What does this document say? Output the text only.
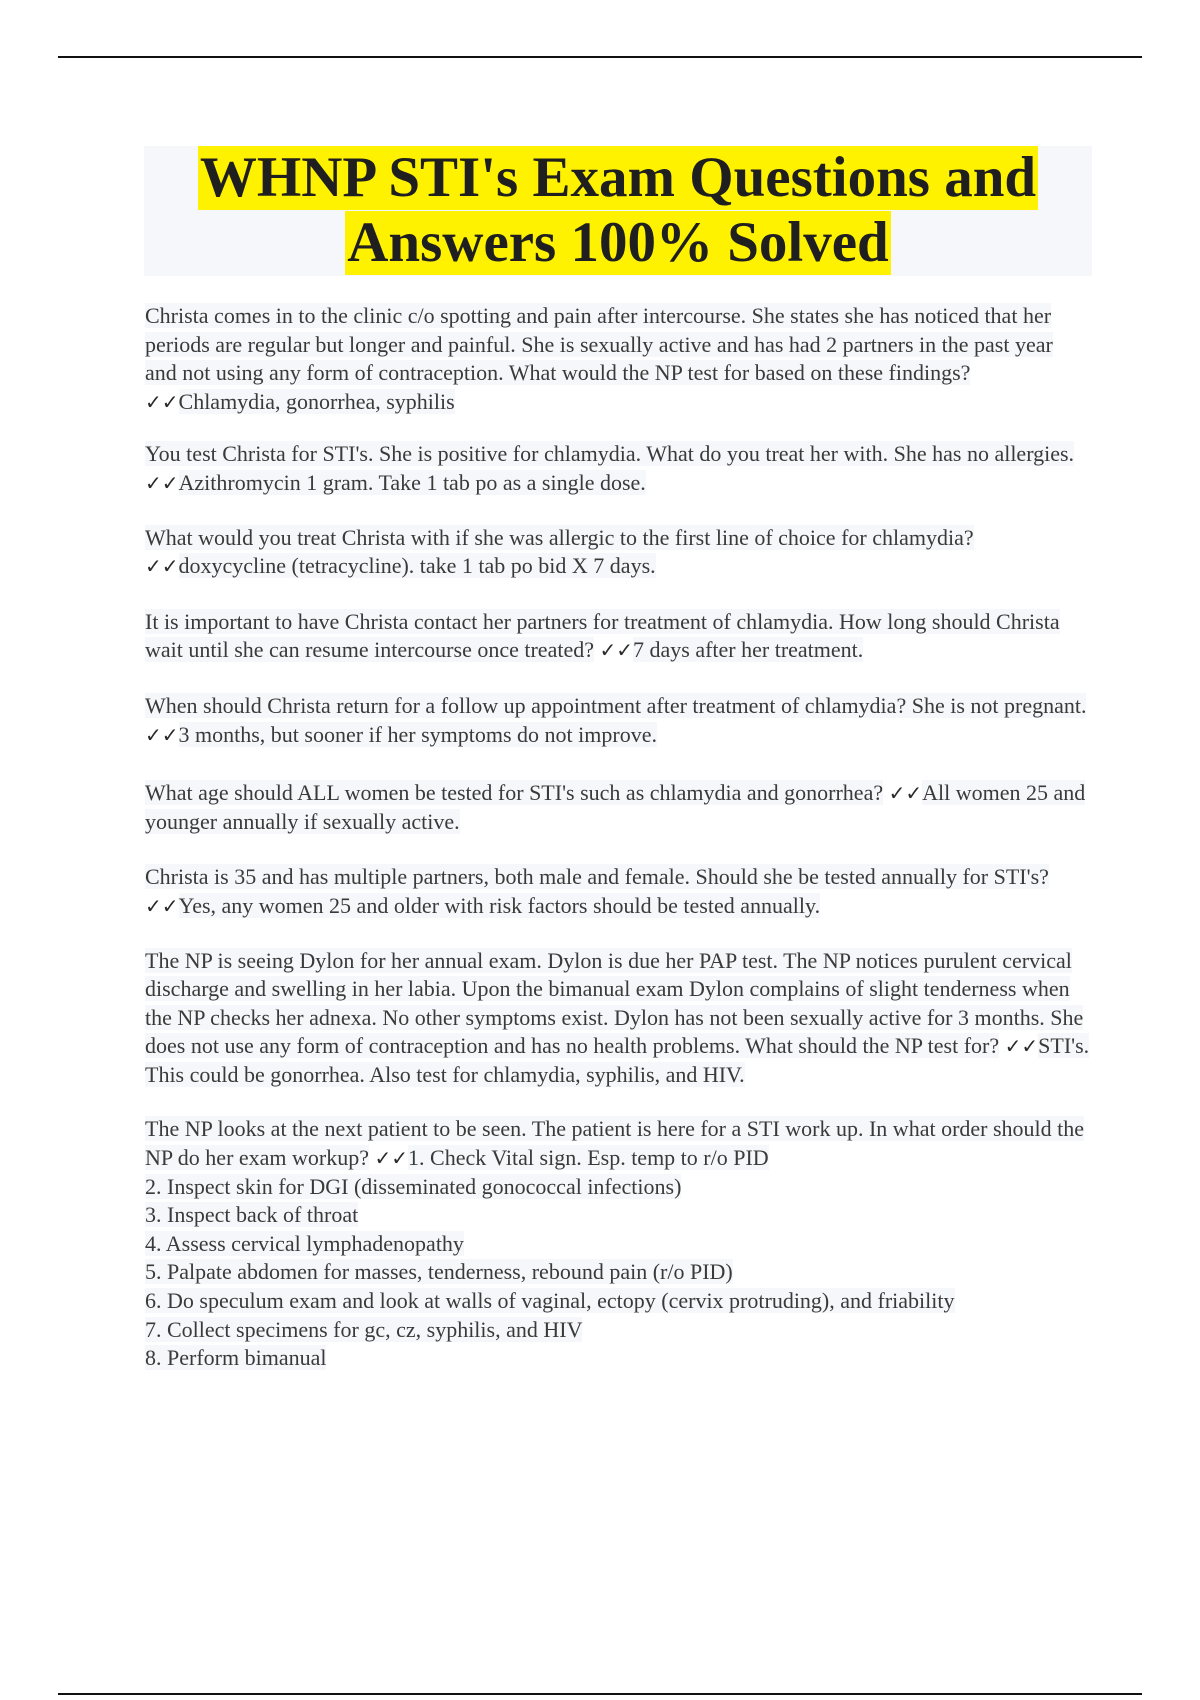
WHNP STI's Exam Questions and
Answers 100% Solved

Christa comes in to the clinic c/o spotting and pain after intercourse. She states she has noticed that her periods are regular but longer and painful. She is sexually active and has had 2 partners in the past year and not using any form of contraception. What would the NP test for based on these findings? ✓✓Chlamydia, gonorrhea, syphilis

You test Christa for STI's. She is positive for chlamydia. What do you treat her with. She has no allergies. ✓✓Azithromycin 1 gram. Take 1 tab po as a single dose.

What would you treat Christa with if she was allergic to the first line of choice for chlamydia? ✓✓doxycycline (tetracycline). take 1 tab po bid X 7 days.

It is important to have Christa contact her partners for treatment of chlamydia. How long should Christa wait until she can resume intercourse once treated? ✓✓7 days after her treatment.

When should Christa return for a follow up appointment after treatment of chlamydia? She is not pregnant. ✓✓3 months, but sooner if her symptoms do not improve.

What age should ALL women be tested for STI's such as chlamydia and gonorrhea? ✓✓All women 25 and younger annually if sexually active.

Christa is 35 and has multiple partners, both male and female. Should she be tested annually for STI's? ✓✓Yes, any women 25 and older with risk factors should be tested annually.

The NP is seeing Dylon for her annual exam. Dylon is due her PAP test. The NP notices purulent cervical discharge and swelling in her labia. Upon the bimanual exam Dylon complains of slight tenderness when the NP checks her adnexa. No other symptoms exist. Dylon has not been sexually active for 3 months. She does not use any form of contraception and has no health problems. What should the NP test for? ✓✓STI's. This could be gonorrhea. Also test for chlamydia, syphilis, and HIV.

The NP looks at the next patient to be seen. The patient is here for a STI work up. In what order should the NP do her exam workup? ✓✓1. Check Vital sign. Esp. temp to r/o PID
2. Inspect skin for DGI (disseminated gonococcal infections)
3. Inspect back of throat
4. Assess cervical lymphadenopathy
5. Palpate abdomen for masses, tenderness, rebound pain (r/o PID)
6. Do speculum exam and look at walls of vaginal, ectopy (cervix protruding), and friability
7. Collect specimens for gc, cz, syphilis, and HIV
8. Perform bimanual
